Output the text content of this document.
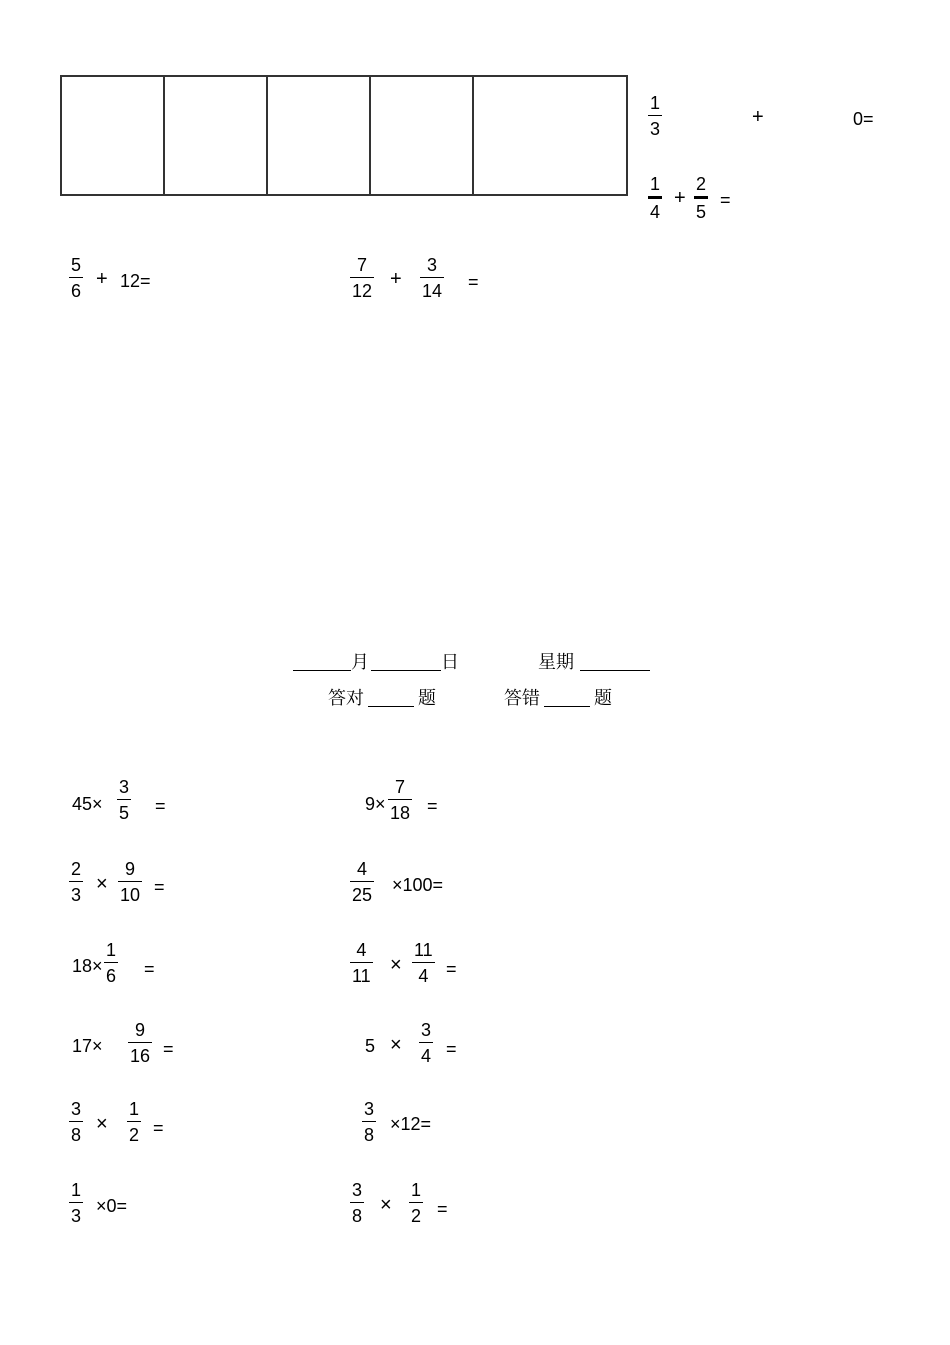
$\frac{1}{3}$	+	0=
$\frac{1}{4} + \frac{2}{5}$ =
$\frac{5}{6} + 12=$	$\frac{7}{12} + \frac{3}{14}$ =
月	日	星期
答对	题	答错	题
$45\times \frac{3}{5}$ =	$9\times \frac{7}{18}$ =
$\frac{2}{3} \times \frac{9}{10}$ =	$\frac{4}{25} \times 100=$
$18\times \frac{1}{6}$ =	$\frac{4}{11} \times \frac{11}{4}$ =
$17\times \frac{9}{16}$ =	$5 \times \frac{3}{4}$ =
$\frac{3}{8} \times \frac{1}{2}$ =	$\frac{3}{8} \times 12=$
$\frac{1}{3} \times 0=$	$\frac{3}{8} \times \frac{1}{2}$ =
